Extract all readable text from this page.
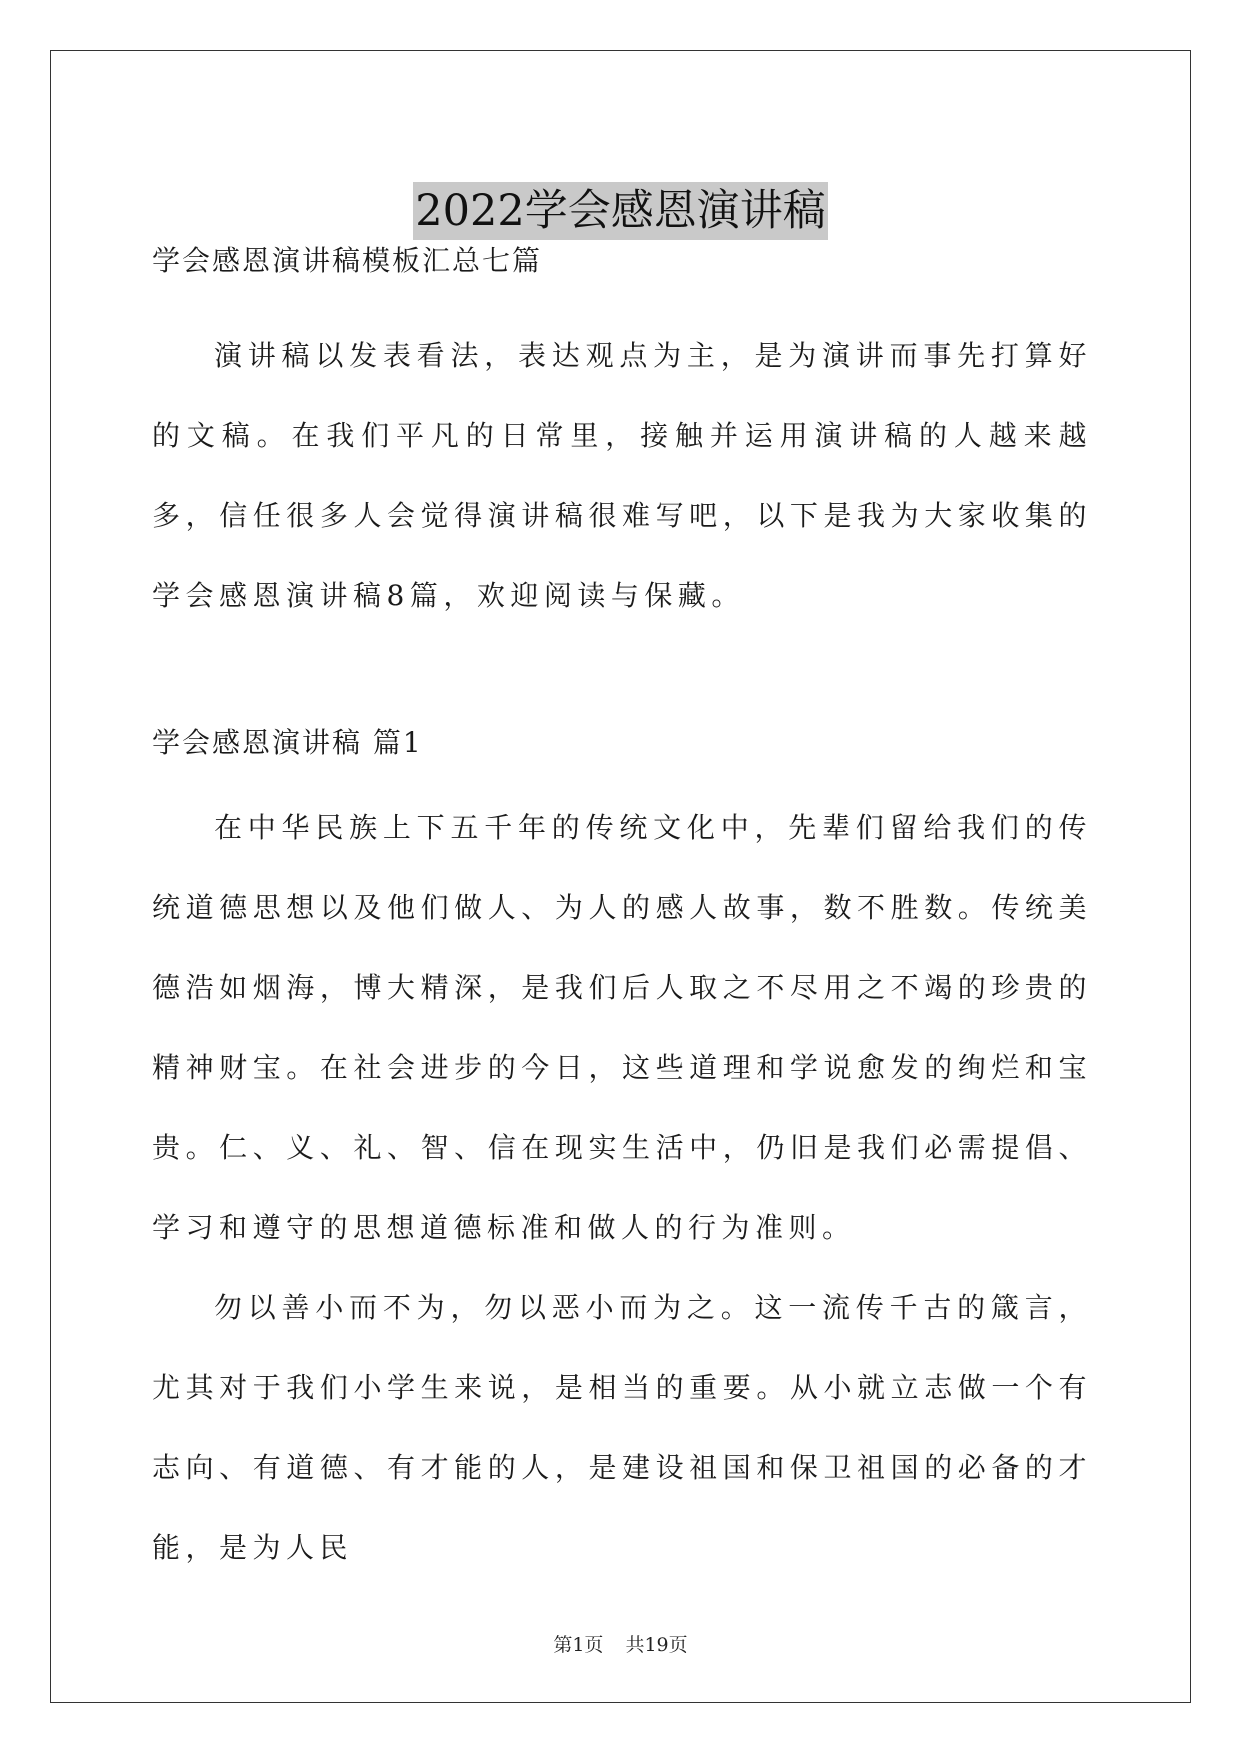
2022学会感恩演讲稿

学会感恩演讲稿模板汇总七篇

演讲稿以发表看法，表达观点为主，是为演讲而事先打算好的文稿。在我们平凡的日常里，接触并运用演讲稿的人越来越多，信任很多人会觉得演讲稿很难写吧，以下是我为大家收集的学会感恩演讲稿8篇，欢迎阅读与保藏。

学会感恩演讲稿 篇1

在中华民族上下五千年的传统文化中，先辈们留给我们的传统道德思想以及他们做人、为人的感人故事，数不胜数。传统美德浩如烟海，博大精深，是我们后人取之不尽用之不竭的珍贵的精神财宝。在社会进步的今日，这些道理和学说愈发的绚烂和宝贵。仁、义、礼、智、信在现实生活中，仍旧是我们必需提倡、学习和遵守的思想道德标准和做人的行为准则。

勿以善小而不为，勿以恶小而为之。这一流传千古的箴言，尤其对于我们小学生来说，是相当的重要。从小就立志做一个有志向、有道德、有才能的人，是建设祖国和保卫祖国的必备的才能，是为人民

第1页 共19页
